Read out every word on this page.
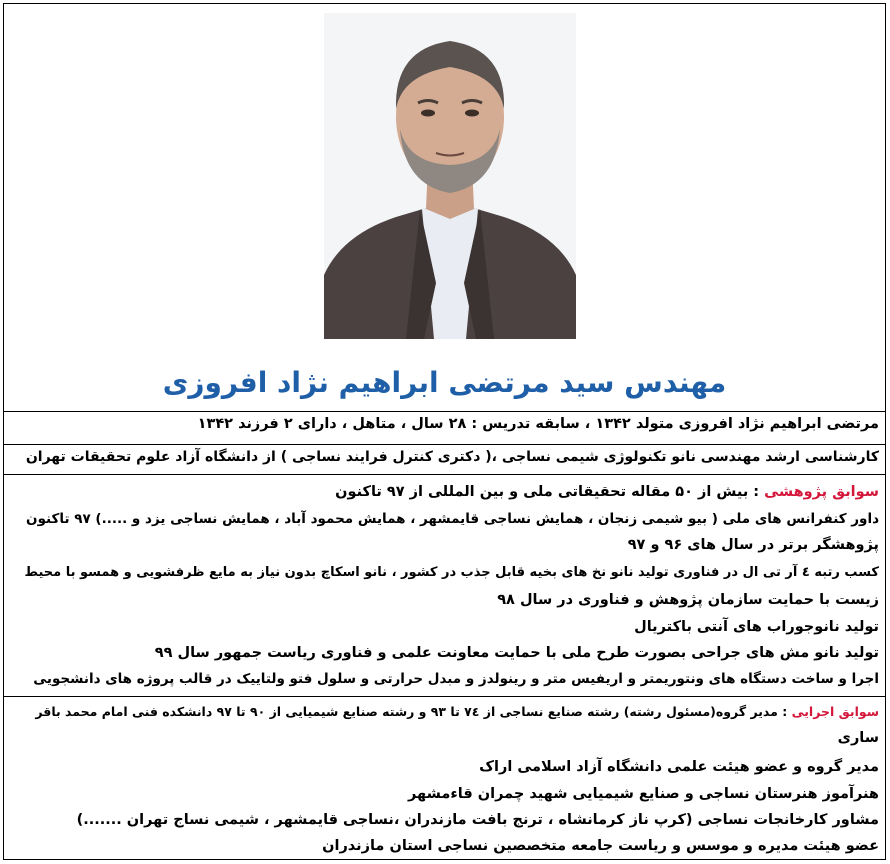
مهندس سید مرتضی ابراهیم نژاد افروزی
مرتضی ابراهیم نژاد افروزی متولد ۱۳۴۲ ، سابقه تدریس : ۲۸ سال ، متاهل ، دارای ۲ فرزند ۱۳۴۲
کارشناسی ارشد مهندسی نانو تکنولوژی شیمی نساجی ،( دکتری کنترل فرایند نساجی ) از دانشگاه آزاد علوم تحقیقات تهران
سوابق پژوهشی : بیش از ۵۰ مقاله تحقیقاتی ملی و بین المللی از ۹۷ تاکنون
داور کنفرانس های ملی ( بیو شیمی زنجان ، همایش نساجی قایمشهر ، همایش محمود آباد ، همایش نساجی یزد و .....) ۹۷ تاکنون
پژوهشگر برتر در سال های ۹۶ و ۹۷
کسب رتبه ٤ آر تی ال در فناوری تولید نانو نخ های بخیه قابل جذب در کشور ، نانو اسکاچ بدون نیاز به مایع ظرفشویی و همسو با محیط
زیست با حمایت سازمان پژوهش و فناوری در سال ۹۸
تولید نانوجوراب های آنتی باکتریال
تولید نانو مش های جراحی بصورت طرح ملی با حمایت معاونت علمی و فناوری ریاست جمهور سال ۹۹
اجرا و ساخت دستگاه های ونتوریمتر و اریفیس متر و رینولدز و مبدل حرارتی و سلول فتو ولتاییک در قالب پروژه های دانشجویی
سوابق اجرایی : مدیر گروه(مسئول رشته) رشته صنایع نساجی از ٧٤ تا ۹۳ و رشته صنایع شیمیایی از ۹۰ تا ۹۷ دانشکده فنی امام محمد باقر
ساری
مدیر گروه و عضو هیئت علمی دانشگاه آزاد اسلامی اراک
هنرآموز هنرستان نساجی و صنایع شیمیایی شهید چمران قاءمشهر
مشاور کارخانجات نساجی (کرپ ناز کرمانشاه ، ترنج بافت مازندران ،نساجی قایمشهر ، شیمی نساج تهران .......)
عضو هیئت مدیره و موسس و ریاست جامعه متخصصین نساجی استان مازندران
